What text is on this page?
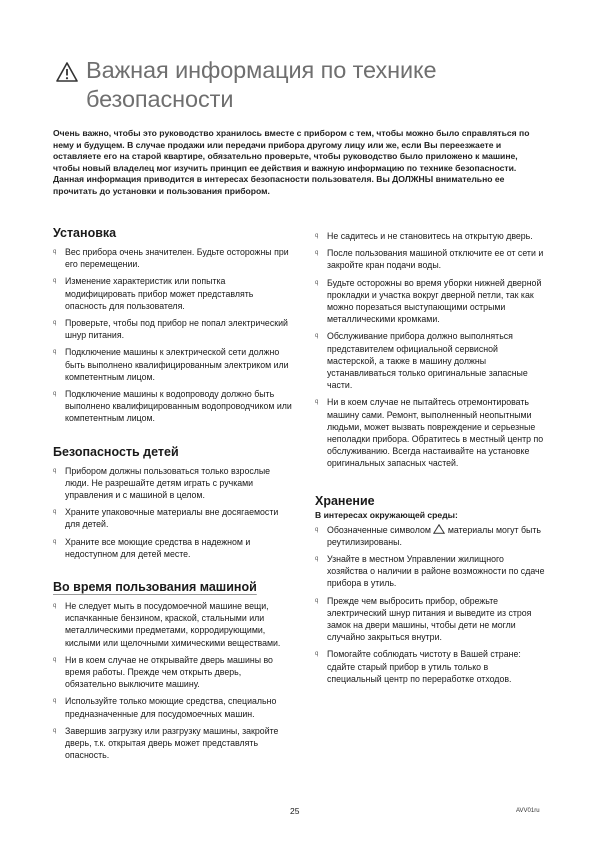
Важная информация по технике
безопасности

Очень важно, чтобы это руководство хранилось вместе с прибором с тем, чтобы можно было справляться по нему и будущем. В случае продажи или передачи прибора другому лицу или же, если Вы переезжаете и оставляете его на старой квартире, обязательно проверьте, чтобы руководство было приложено к машине, чтобы новый владелец мог изучить принцип ее действия и важную информацию по технике безопасности.

Данная информация приводится в интересах безопасности пользователя. Вы ДОЛЖНЫ внимательно ее прочитать до установки и пользования прибором.

Установка
q Вес прибора очень значителен. Будьте осторожны при его перемещении.
q Изменение характеристик или попытка модифицировать прибор может представлять опасность для пользователя.
q Проверьте, чтобы под прибор не попал электрический шнур питания.
q Подключение машины к электрической сети должно быть выполнено квалифицированным электриком или компетентным лицом.
q Подключение машины к водопроводу должно быть выполнено квалифицированным водопроводчиком или компетентным лицом.
Безопасность детей
q Прибором должны пользоваться только взрослые люди. Не разрешайте детям играть с ручками управления и с машиной в целом.
q Храните упаковочные материалы вне досягаемости для детей.
q Храните все моющие средства в надежном и недоступном для детей месте.
Во время пользования машиной
q Не следует мыть в посудомоечной машине вещи, испачканные бензином, краской, стальными или металлическими предметами, корродирующими, кислыми или щелочными химическими веществами.
q Ни в коем случае не открывайте дверь машины во время работы. Прежде чем открыть дверь, обязательно выключите машину.
q Используйте только моющие средства, специально предназначенные для посудомоечных машин.
q Завершив загрузку или разгрузку машины, закройте дверь, т.к. открытая дверь может представлять опасность.
q Не садитесь и не становитесь на открытую дверь.
q После пользования машиной отключите ее от сети и закройте кран подачи воды.
q Будьте осторожны во время уборки нижней дверной прокладки и участка вокруг дверной петли, так как можно порезаться выступающими острыми металлическими кромками.
q Обслуживание прибора должно выполняться представителем официальной сервисной мастерской, а также в машину должны устанавливаться только оригинальные запасные части.
q Ни в коем случае не пытайтесь отремонтировать машину сами. Ремонт, выполненный неопытными людьми, может вызвать повреждение и серьезные неполадки прибора. Обратитесь в местный центр по обслуживанию. Всегда настаивайте на установке оригинальных запасных частей.
Хранение
В интересах окружающей среды:
q Обозначенные символом материалы могут быть реутилизированы.
q Узнайте в местном Управлении жилищного хозяйства о наличии в районе возможности по сдаче прибора в утиль.
q Прежде чем выбросить прибор, обрежьте электрический шнур питания и выведите из строя замок на двери машины, чтобы дети не могли случайно закрыться внутри.
q Помогайте соблюдать чистоту в Вашей стране: сдайте старый прибор в утиль только в специальный центр по переработке отходов.
25	AVV01ru
